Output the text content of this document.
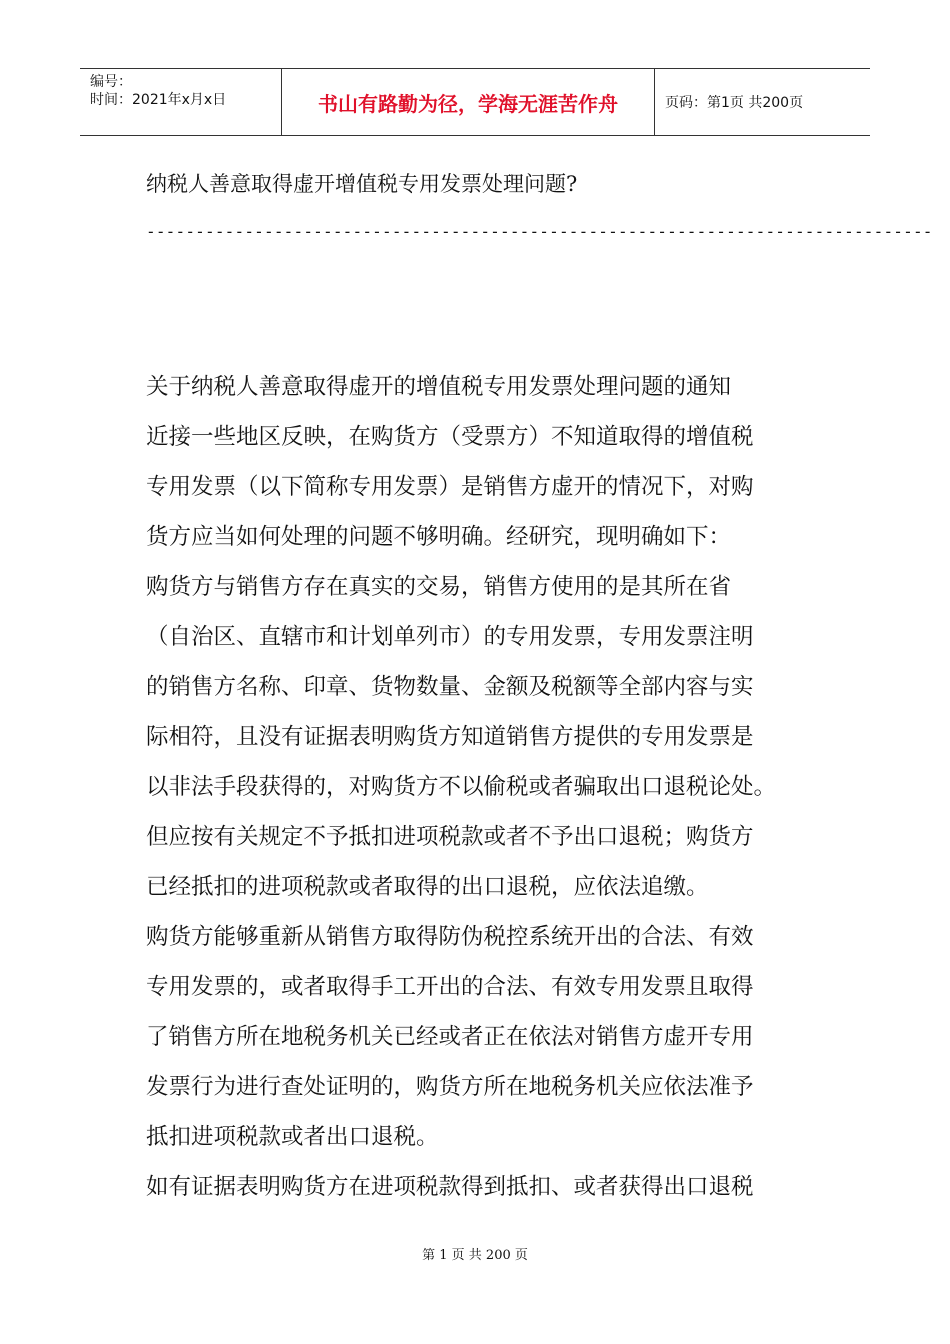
编号：
时间：2021年x月x日	书山有路勤为径，学海无涯苦作舟	页码：第1页 共200页
纳税人善意取得虚开增值税专用发票处理问题?
--------------------------------------------------------------------------------
关于纳税人善意取得虚开的增值税专用发票处理问题的通知
近接一些地区反映，在购货方（受票方）不知道取得的增值税
专用发票（以下简称专用发票）是销售方虚开的情况下，对购
货方应当如何处理的问题不够明确。经研究，现明确如下：
购货方与销售方存在真实的交易，销售方使用的是其所在省
（自治区、直辖市和计划单列市）的专用发票，专用发票注明
的销售方名称、印章、货物数量、金额及税额等全部内容与实
际相符，且没有证据表明购货方知道销售方提供的专用发票是
以非法手段获得的，对购货方不以偷税或者骗取出口退税论处。
但应按有关规定不予抵扣进项税款或者不予出口退税；购货方
已经抵扣的进项税款或者取得的出口退税，应依法追缴。
购货方能够重新从销售方取得防伪税控系统开出的合法、有效
专用发票的，或者取得手工开出的合法、有效专用发票且取得
了销售方所在地税务机关已经或者正在依法对销售方虚开专用
发票行为进行查处证明的，购货方所在地税务机关应依法准予
抵扣进项税款或者出口退税。
如有证据表明购货方在进项税款得到抵扣、或者获得出口退税
第 1 页 共 200 页
